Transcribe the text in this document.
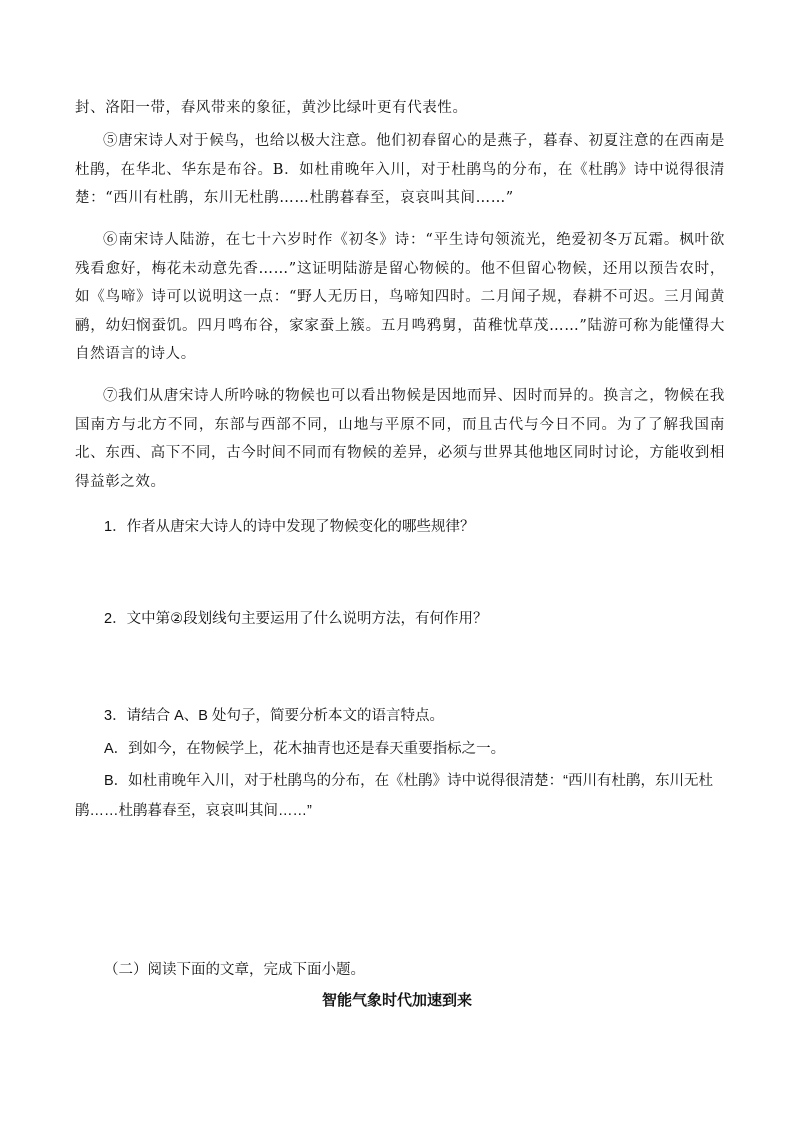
封、洛阳一带，春风带来的象征，黄沙比绿叶更有代表性。

⑤唐宋诗人对于候鸟，也给以极大注意。他们初春留心的是燕子，暮春、初夏注意的在西南是杜鹃，在华北、华东是布谷。B．如杜甫晚年入川，对于杜鹃鸟的分布，在《杜鹃》诗中说得很清楚：“西川有杜鹃，东川无杜鹃……杜鹃暮春至，哀哀叫其间……”

⑥南宋诗人陆游，在七十六岁时作《初冬》诗：“平生诗句领流光，绝爱初冬万瓦霜。枫叶欲残看愈好，梅花未动意先香……”这证明陆游是留心物候的。他不但留心物候，还用以预告农时，如《鸟啼》诗可以说明这一点：“野人无历日，鸟啼知四时。二月闻子规，春耕不可迟。三月闻黄鹂，幼妇悯蚕饥。四月鸣布谷，家家蚕上簇。五月鸣鸦舅，苗稚忧草茂……”陆游可称为能懂得大自然语言的诗人。

⑦我们从唐宋诗人所吟咏的物候也可以看出物候是因地而异、因时而异的。换言之，物候在我国南方与北方不同，东部与西部不同，山地与平原不同，而且古代与今日不同。为了了解我国南北、东西、高下不同，古今时间不同而有物候的差异，必须与世界其他地区同时讨论，方能收到相得益彰之效。

1．作者从唐宋大诗人的诗中发现了物候变化的哪些规律？

2．文中第②段划线句主要运用了什么说明方法，有何作用？

3．请结合 A、B 处句子，简要分析本文的语言特点。

A．到如今，在物候学上，花木抽青也还是春天重要指标之一。

B．如杜甫晚年入川，对于杜鹃鸟的分布，在《杜鹃》诗中说得很清楚：“西川有杜鹃，东川无杜鹃……杜鹃暮春至，哀哀叫其间……”

（二）阅读下面的文章，完成下面小题。

智能气象时代加速到来
